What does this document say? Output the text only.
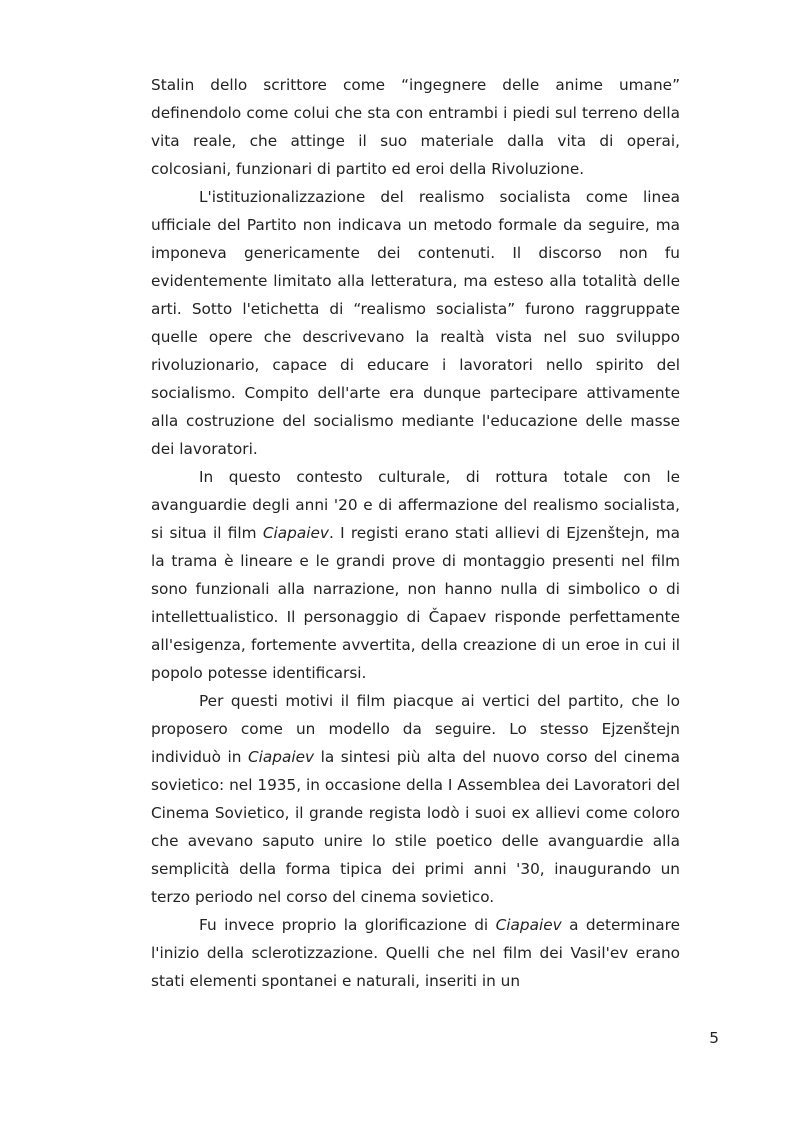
Stalin dello scrittore come “ingegnere delle anime umane” definendolo come colui che sta con entrambi i piedi sul terreno della vita reale, che attinge il suo materiale dalla vita di operai, colcosiani, funzionari di partito ed eroi della Rivoluzione.

L'istituzionalizzazione del realismo socialista come linea ufficiale del Partito non indicava un metodo formale da seguire, ma imponeva genericamente dei contenuti. Il discorso non fu evidentemente limitato alla letteratura, ma esteso alla totalità delle arti. Sotto l'etichetta di “realismo socialista” furono raggruppate quelle opere che descrivevano la realtà vista nel suo sviluppo rivoluzionario, capace di educare i lavoratori nello spirito del socialismo. Compito dell'arte era dunque partecipare attivamente alla costruzione del socialismo mediante l'educazione delle masse dei lavoratori.

In questo contesto culturale, di rottura totale con le avanguardie degli anni '20 e di affermazione del realismo socialista, si situa il film Ciapaiev. I registi erano stati allievi di Ejzenštejn, ma la trama è lineare e le grandi prove di montaggio presenti nel film sono funzionali alla narrazione, non hanno nulla di simbolico o di intellettualistico. Il personaggio di Čapaev risponde perfettamente all'esigenza, fortemente avvertita, della creazione di un eroe in cui il popolo potesse identificarsi.

Per questi motivi il film piacque ai vertici del partito, che lo proposero come un modello da seguire. Lo stesso Ejzenštejn individuò in Ciapaiev la sintesi più alta del nuovo corso del cinema sovietico: nel 1935, in occasione della I Assemblea dei Lavoratori del Cinema Sovietico, il grande regista lodò i suoi ex allievi come coloro che avevano saputo unire lo stile poetico delle avanguardie alla semplicità della forma tipica dei primi anni '30, inaugurando un terzo periodo nel corso del cinema sovietico.

Fu invece proprio la glorificazione di Ciapaiev a determinare l'inizio della sclerotizzazione. Quelli che nel film dei Vasil'ev erano stati elementi spontanei e naturali, inseriti in un

5
